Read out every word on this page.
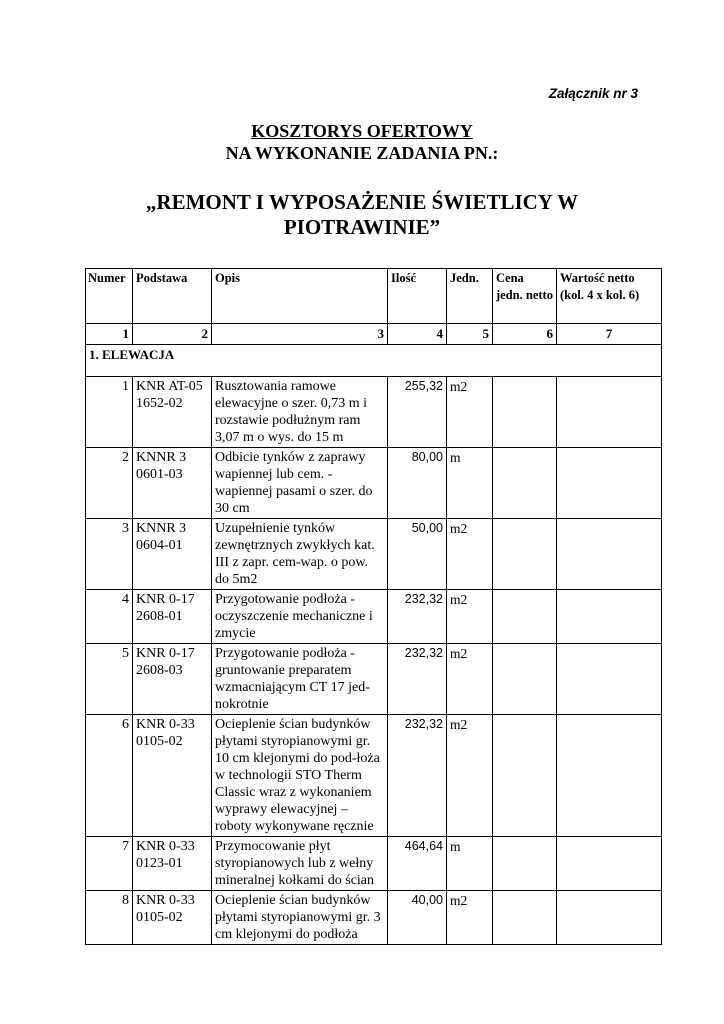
Załącznik nr 3
KOSZTORYS OFERTOWY
NA WYKONANIE ZADANIA PN.:
„REMONT I WYPOSAŻENIE ŚWIETLICY W PIOTRAWINIE”
Numer	Podstawa	Opis	Ilość	Jedn.	Cena jedn. netto	Wartość netto (kol. 4 x kol. 6)
1	2	3	4	5	6	7
1. ELEWACJA						
1	KNR AT-05 1652-02	Rusztowania ramowe elewacyjne o szer. 0,73 m i rozstawie podłużnym ram 3,07 m o wys. do 15 m	255,32	m2		
2	KNNR 3 0601-03	Odbicie tynków z zaprawy wapiennej lub cem. -wapiennej pasami o szer. do 30 cm	80,00	m		
3	KNNR 3 0604-01	Uzupełnienie tynków zewnętrznych zwykłych kat. III z zapr. cem-wap. o pow. do 5m2	50,00	m2		
4	KNR 0-17 2608-01	Przygotowanie podłoża - oczyszczenie mechaniczne i zmycie	232,32	m2		
5	KNR 0-17 2608-03	Przygotowanie podłoża - gruntowanie preparatem wzmacniającym CT 17 jed-nokrotnie	232,32	m2		
6	KNR 0-33 0105-02	Ocieplenie ścian budynków płytami styropianowymi gr. 10 cm klejonymi do pod-łoża w technologii STO Therm Classic wraz z wykonaniem wyprawy elewacyjnej – roboty wykonywane ręcznie	232,32	m2		
7	KNR 0-33 0123-01	Przymocowanie płyt styropianowych lub z wełny mineralnej kołkami do ścian	464,64	m		
8	KNR 0-33 0105-02	Ocieplenie ścian budynków płytami styropianowymi gr. 3 cm klejonymi do podłoża	40,00	m2		
